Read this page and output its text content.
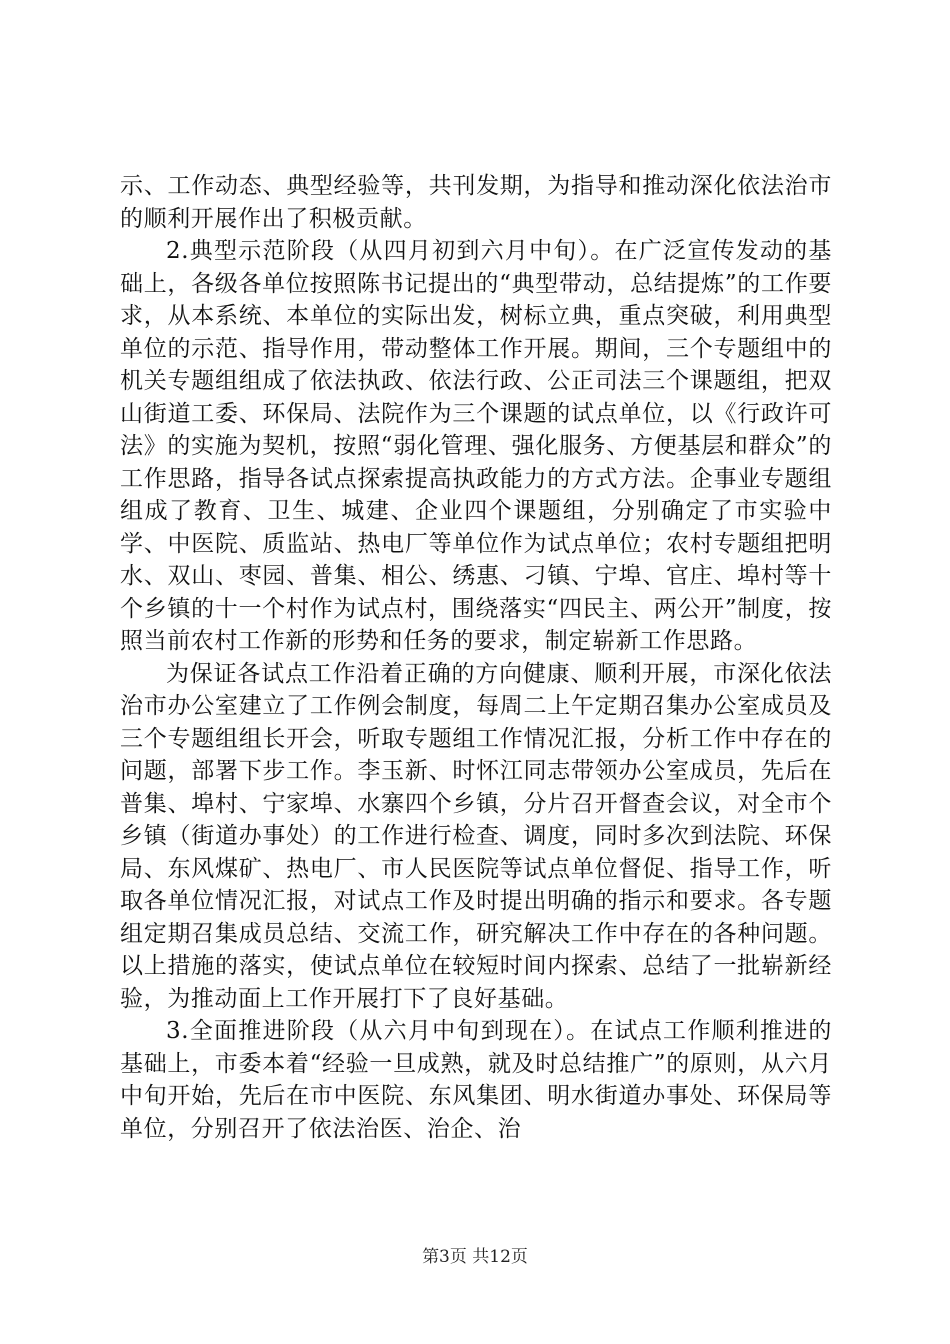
示、工作动态、典型经验等，共刊发期，为指导和推动深化依法治市的顺利开展作出了积极贡献。

2.典型示范阶段（从四月初到六月中旬）。在广泛宣传发动的基础上，各级各单位按照陈书记提出的“典型带动，总结提炼”的工作要求，从本系统、本单位的实际出发，树标立典，重点突破，利用典型单位的示范、指导作用，带动整体工作开展。期间，三个专题组中的机关专题组组成了依法执政、依法行政、公正司法三个课题组，把双山街道工委、环保局、法院作为三个课题的试点单位，以《行政许可法》的实施为契机，按照“弱化管理、强化服务、方便基层和群众”的工作思路，指导各试点探索提高执政能力的方式方法。企事业专题组组成了教育、卫生、城建、企业四个课题组，分别确定了市实验中学、中医院、质监站、热电厂等单位作为试点单位；农村专题组把明水、双山、枣园、普集、相公、绣惠、刁镇、宁埠、官庄、埠村等十个乡镇的十一个村作为试点村，围绕落实“四民主、两公开”制度，按照当前农村工作新的形势和任务的要求，制定崭新工作思路。

为保证各试点工作沿着正确的方向健康、顺利开展，市深化依法治市办公室建立了工作例会制度，每周二上午定期召集办公室成员及三个专题组组长开会，听取专题组工作情况汇报，分析工作中存在的问题，部署下步工作。李玉新、时怀江同志带领办公室成员，先后在普集、埠村、宁家埠、水寨四个乡镇，分片召开督查会议，对全市个乡镇（街道办事处）的工作进行检查、调度，同时多次到法院、环保局、东风煤矿、热电厂、市人民医院等试点单位督促、指导工作，听取各单位情况汇报，对试点工作及时提出明确的指示和要求。各专题组定期召集成员总结、交流工作，研究解决工作中存在的各种问题。以上措施的落实，使试点单位在较短时间内探索、总结了一批崭新经验，为推动面上工作开展打下了良好基础。

3.全面推进阶段（从六月中旬到现在）。在试点工作顺利推进的基础上，市委本着“经验一旦成熟，就及时总结推广”的原则，从六月中旬开始，先后在市中医院、东风集团、明水街道办事处、环保局等单位，分别召开了依法治医、治企、治

第3页 共12页
